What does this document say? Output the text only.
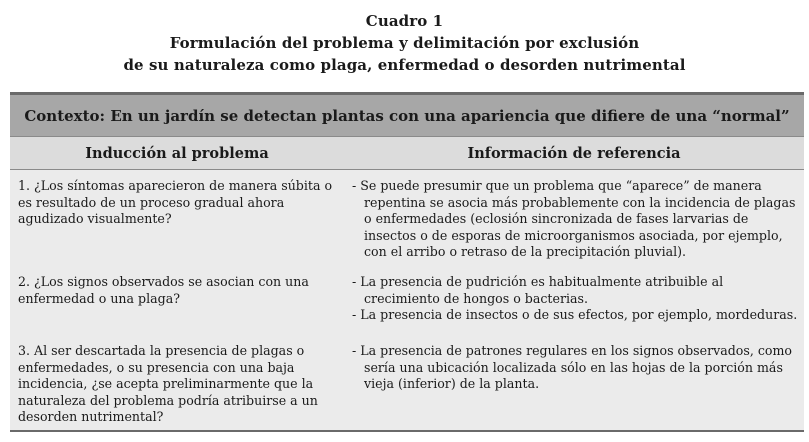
Cuadro 1
Formulación del problema y delimitación por exclusión
de su naturaleza como plaga, enfermedad o desorden nutrimental
Contexto: En un jardín se detectan plantas con una apariencia que difiere de una “normal”
Inducción al problema	Información de referencia
1. ¿Los síntomas aparecieron de manera súbita o es resultado de un proceso gradual ahora agudizado visualmente?

- Se puede presumir que un problema que “aparece” de manera repentina se asocia más probablemente con la incidencia de plagas o enfermedades (eclosión sincronizada de fases larvarias de insectos o de esporas de microorganismos asociada, por ejemplo, con el arribo o retraso de la precipitación pluvial).

2. ¿Los signos observados se asocian con una enfermedad o una plaga?

- La presencia de pudrición es habitualmente atribuible al crecimiento de hongos o bacterias.

- La presencia de insectos o de sus efectos, por ejemplo, mordeduras.

3. Al ser descartada la presencia de plagas o enfermedades, o su presencia con una baja incidencia, ¿se acepta preliminarmente que la naturaleza del problema podría atribuirse a un desorden nutrimental?

- La presencia de patrones regulares en los signos observados, como sería una ubicación localizada sólo en las hojas de la porción más vieja (inferior) de la planta.
